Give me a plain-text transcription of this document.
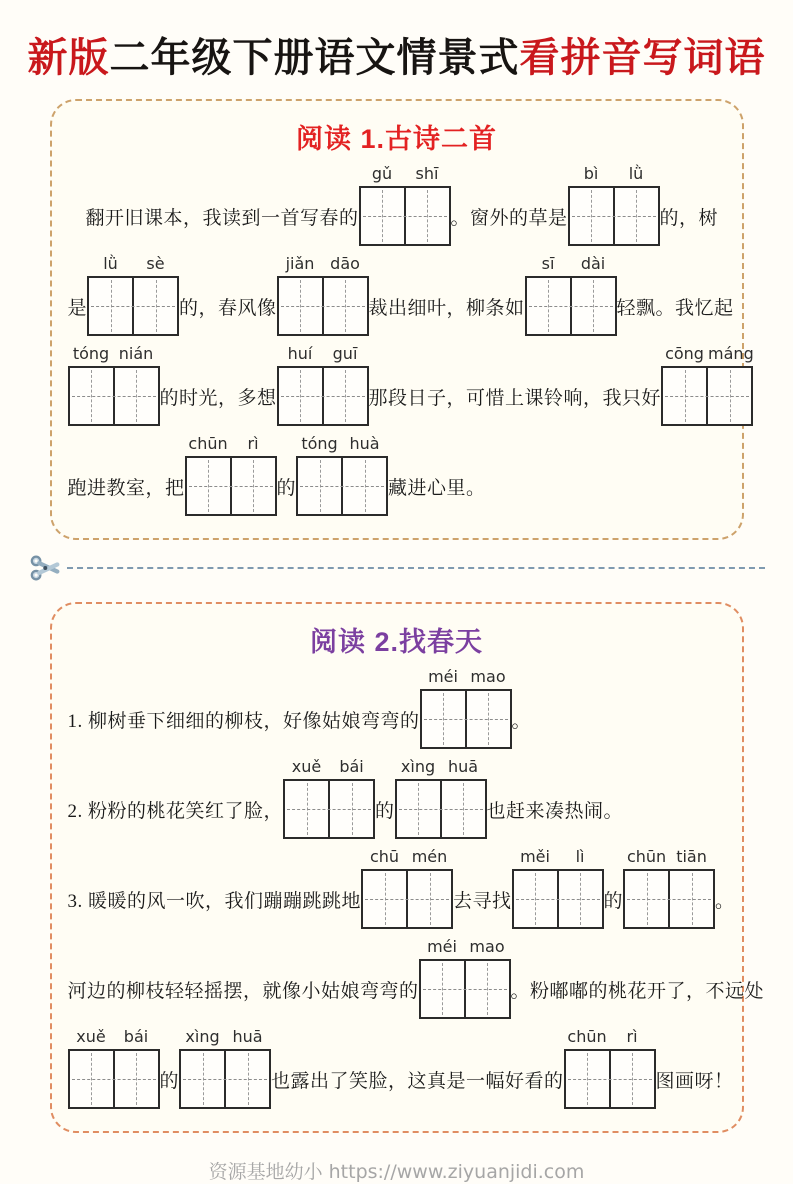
新版二年级下册语文情景式看拼音写词语
阅读 1.古诗二首
翻开旧课本，我读到一首写春的
gǔ	shī
。窗外的草是
bì	lǜ
的，树
是
lǜ	sè
的，春风像
jiǎn dāo
裁出细叶，柳条如
sī	dài
轻飘。我忆起
tóng nián
的时光，多想
huí	guī
那段日子，可惜上课铃响，我只好
cōng máng
跑进教室，把
chūn	rì
的
tóng huà
藏进心里。
阅读 2.找春天
1. 柳树垂下细细的柳枝，好像姑娘弯弯的
méi mao
。
2. 粉粉的桃花笑红了脸，
xuě	bái
的
xìng huā
也赶来凑热闹。
3. 暖暖的风一吹，我们蹦蹦跳跳地
chū mén
去寻找
měi	lì
的
chūn tiān
。
河边的柳枝轻轻摇摆，就像小姑娘弯弯的
méi mao
。粉嘟嘟的桃花开了，不远处
xuě	bái
的
xìng huā
也露出了笑脸，这真是一幅好看的
chūn	rì
图画呀！
资源基地幼小 https://www.ziyuanjidi.com
